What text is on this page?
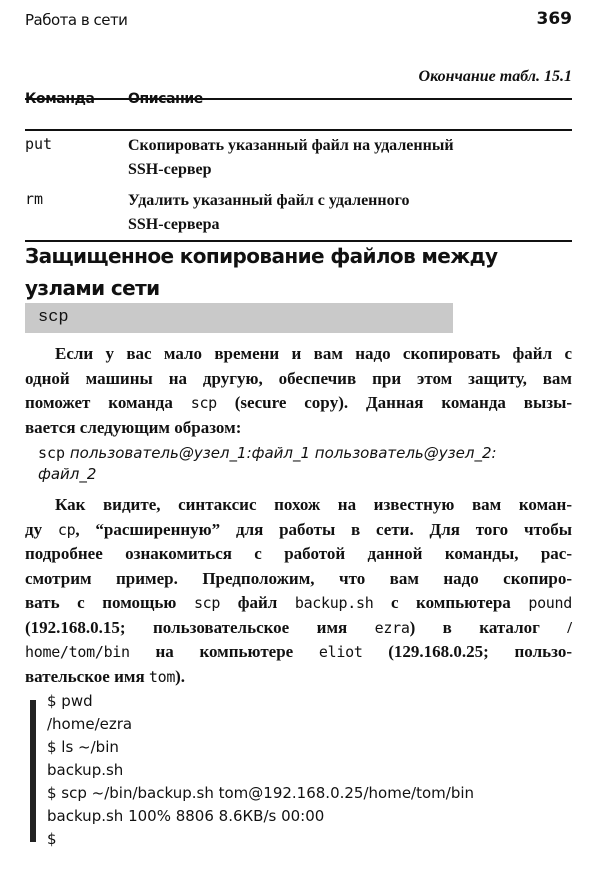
Работа в сети	369
Окончание табл. 15.1
Команда Описание
put	Скопировать указанный файл на удаленный
SSH-сервер
rm	Удалить указанный файл с удаленного
SSH-сервера
Защищенное копирование файлов между
узлами сети
scp
Если у вас мало времени и вам надо скопировать файл с
одной машины на другую, обеспечив при этом защиту, вам
поможет команда scp (secure copy). Данная команда вызы-
вается следующим образом:
scp пользователь@узел_1:файл_1 пользователь@узел_2:
файл_2
Как видите, синтаксис похож на известную вам коман-
ду cp, “расширенную” для работы в сети. Для того чтобы
подробнее ознакомиться с работой данной команды, рас-
смотрим пример. Предположим, что вам надо скопиро-
вать с помощью scp файл backup.sh с компьютера pound
(192.168.0.15; пользовательское имя ezra) в каталог /
home/tom/bin на компьютере eliot (129.168.0.25; пользо-
вательское имя tom).
$ pwd
/home/ezra
$ ls ~/bin
backup.sh
$ scp ~/bin/backup.sh tom@192.168.0.25/home/tom/bin
backup.sh 100% 8806 8.6КВ/s 00:00
$
